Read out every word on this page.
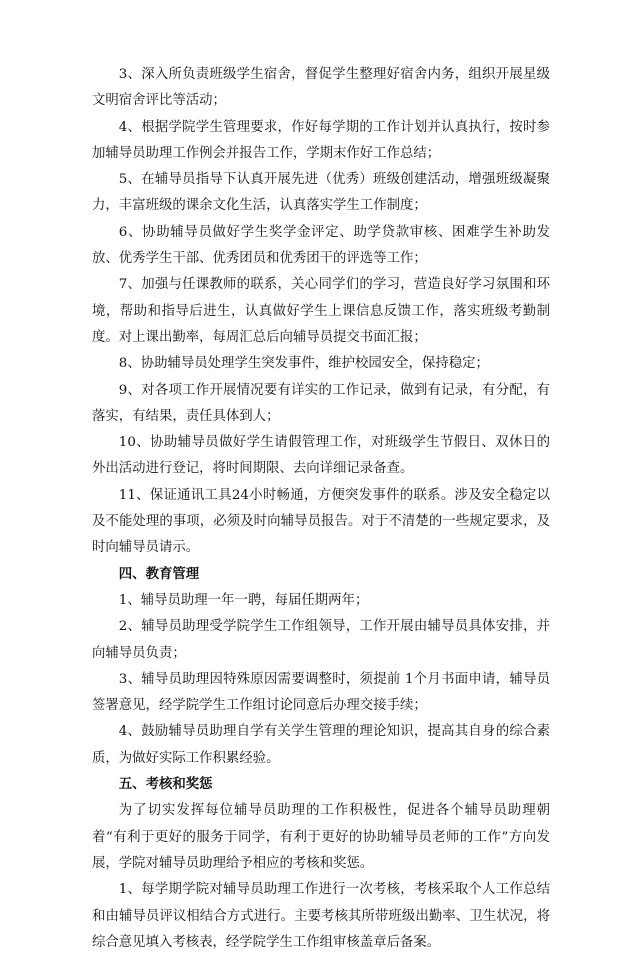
3、深入所负责班级学生宿舍，督促学生整理好宿舍内务，组织开展星级文明宿舍评比等活动；

4、根据学院学生管理要求，作好每学期的工作计划并认真执行，按时参加辅导员助理工作例会并报告工作，学期末作好工作总结；

5、在辅导员指导下认真开展先进（优秀）班级创建活动，增强班级凝聚力，丰富班级的课余文化生活，认真落实学生工作制度；

6、协助辅导员做好学生奖学金评定、助学贷款审核、困难学生补助发放、优秀学生干部、优秀团员和优秀团干的评选等工作；

7、加强与任课教师的联系，关心同学们的学习，营造良好学习氛围和环境，帮助和指导后进生，认真做好学生上课信息反馈工作，落实班级考勤制度。对上课出勤率，每周汇总后向辅导员提交书面汇报；

8、协助辅导员处理学生突发事件，维护校园安全，保持稳定；

9、对各项工作开展情况要有详实的工作记录，做到有记录，有分配，有落实，有结果，责任具体到人；

10、协助辅导员做好学生请假管理工作，对班级学生节假日、双休日的外出活动进行登记，将时间期限、去向详细记录备查。

11、保证通讯工具24小时畅通，方便突发事件的联系。涉及安全稳定以及不能处理的事项，必须及时向辅导员报告。对于不清楚的一些规定要求，及时向辅导员请示。

四、教育管理

1、辅导员助理一年一聘，每届任期两年；

2、辅导员助理受学院学生工作组领导，工作开展由辅导员具体安排，并向辅导员负责；

3、辅导员助理因特殊原因需要调整时，须提前 1个月书面申请，辅导员签署意见，经学院学生工作组讨论同意后办理交接手续；

4、鼓励辅导员助理自学有关学生管理的理论知识，提高其自身的综合素质，为做好实际工作积累经验。

五、考核和奖惩

为了切实发挥每位辅导员助理的工作积极性，促进各个辅导员助理朝着“有利于更好的服务于同学，有利于更好的协助辅导员老师的工作”方向发展，学院对辅导员助理给予相应的考核和奖惩。

1、每学期学院对辅导员助理工作进行一次考核，考核采取个人工作总结和由辅导员评议相结合方式进行。主要考核其所带班级出勤率、卫生状况，将综合意见填入考核表，经学院学生工作组审核盖章后备案。
